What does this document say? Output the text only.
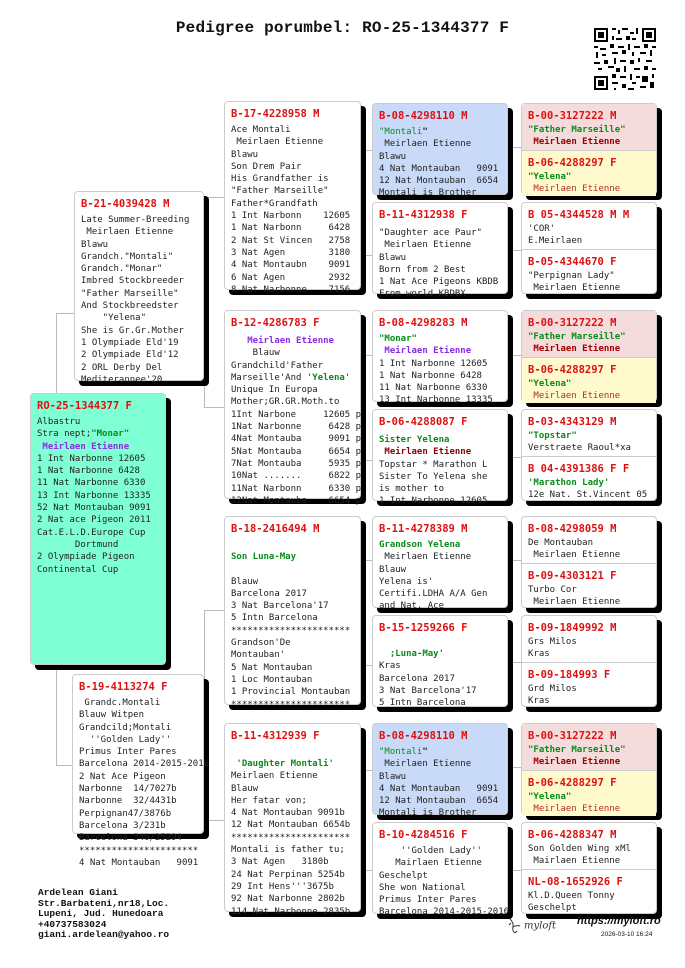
Pedigree porumbel: RO-25-1344377 F
RO-25-1344377 F
Albastru
Stra nept;"Monar"
Meirlaen Etienne
1 Int Narbonne 12605
1 Nat Narbonne 6428
11 Nat Narbonne 6330
13 Int Narbonne 13335
52 Nat Montauban 9091
2 Nat ace Pigeon 2011
Cat.E.L.D.Europe Cup
Dortmund
2 Olympiade Pigeon
Continental Cup
B-21-4039428 M
Late Summer-Breeding
Meirlaen Etienne
Blawu
Grandch."Montali"
Grandch."Monar"
Imbred Stockbreeder
"Father Marseille"
And Stockbreedster
"Yelena"
She is Gr.Gr.Mother
1 Olympiade Eld'19
2 Olympiade Eld'12
2 ORL Derby Del
Mediterannee'20
B-19-4113274 F
Grandc.Montali
Blauw Witpen
Grandcild;Montali
''Golden Lady''
Primus Inter Pares
Barcelona 2014-2015-2016
2 Nat Ace Pigeon
Narbonne  14/7027b
Narbonne  32/4431b
Perpignan47/3876b
Barcelona 3/231b
Barcelona 340/25294
**********************
4 Nat Montauban   9091
B-17-4228958 M
Ace Montali
Meirlaen Etienne
Blawu
Son Drem Pair
His Grandfather is
"Father Marseille"
Father*Grandfath
1 Int Narbonn    12605
1 Nat Narbonn     6428
2 Nat St Vincen   2758
3 Nat Agen        3180
4 Nat Montaubn    9091
6 Nat Agen        2932
8 Nat Narbonne    7156
B-12-4286783 F
Meirlaen Etienne
Blauw
Grandchild'Father
Marseille'And 'Yelena'
Unique In Europa
Mother;GR.GR.Moth.to
1Int Narbone     12605 p
1Nat Narbonne     6428 p
4Nat Montauba     9091 p
5Nat Montauba     6654 p
7Nat Montauba     5935 p
10Nat .......     6822 p
11Nat Narbonn     6330 p
12Nat Montauba    6654 p
B-18-2416494 M
Son Luna-May

Blauw
Barcelona 2017
3 Nat Barcelona'17
5 Intn Barcelona
**********************
Grandson'De
Montauban'
5 Nat Montauban
1 Loc Montauban
1 Provincial Montauban
**********************
B-11-4312939 F
'Daughter Montali'
Meirlaen Etienne
Blauw
Her fatar von;
4 Nat Montauban 9091b
12 Nat Montauban 6654b
**********************
Montali is father tu;
3 Nat Agen   3180b
24 Nat Perpinan 5254b
29 Int Hens'''3675b
92 Nat Narbonne 2802b
114 Nat Narbonne 2835b
B-08-4298110 M
"Montali"
Meirlaen Etienne
Blawu
4 Nat Montauban   9091
12 Nat Montauban  6654
Montali is Brother
B-11-4312938 F
"Daughter ace Paur"
Meirlaen Etienne
Blawu
Born from 2 Best
1 Nat Ace Pigeons KBDB
From world KBDBX
B-08-4298283 M
"Monar"
Meirlaen Etienne
1 Int Narbonne 12605
1 Nat Narbonne 6428
11 Nat Narbonne 6330
13 Int Narbonne 13335
B-06-4288087 F
Sister Yelena
Meirlaen Etienne
Topstar * Marathon L
Sister To Yelena she
is mother to
1 Int Narbonne 12605
B-11-4278389 M
Grandson Yelena
Meirlaen Etienne
Blauw
Yelena is'
Certifi.LDHA A/A Gen
and Nat. Ace
B-15-1259266 F
;Luna-May'
Kras
Barcelona 2017
3 Nat Barcelona'17
5 Intn Barcelona
B-08-4298110 M
"Montali"
Meirlaen Etienne
Blawu
4 Nat Montauban   9091
12 Nat Montauban  6654
Montali is Brother
B-10-4284516 F
''Golden Lady''
Mairlaen Etienne
Geschelpt
She won National
Primus Inter Pares
Barcelona 2014-2015-2016
B-00-3127222 M
"Father Marseille"
Meirlaen Etienne
B-06-4288297 F
"Yelena"
Meirlaen Etienne
B 05-4344528 M M
'COR'
E.Meirlaen
B-05-4344670 F
"Perpignan Lady"
Meirlaen Etienne
B-00-3127222 M
"Father Marseille"
Meirlaen Etienne
B-06-4288297 F
"Yelena"
Meirlaen Etienne
B-03-4343129 M
"Topstar"
Verstraete Raoul*xa
B 04-4391386 F F
'Marathon Lady'
12e Nat. St.Vincent 05
B-08-4298059 M
De Montauban
Meirlaen Etienne
B-09-4303121 F
Turbo Cor
Meirlaen Etienne
B-09-1849992 M
Grs Milos
Kras
B-09-184993 F
Grd Milos
Kras
B-00-3127222 M
"Father Marseille"
Meirlaen Etienne
B-06-4288297 F
"Yelena"
Meirlaen Etienne
B-06-4288347 M
Son Golden Wing xMl
Mairlaen Etienne
NL-08-1652926 F
Kl.D.Queen Tonny
Geschelpt
Ardelean Giani
Str.Barbateni,nr18,Loc.
Lupeni, Jud. Hunedoara
+40737583024
giani.ardelean@yahoo.ro
myloft https://myloft.ro
2026-03-10 16:24
